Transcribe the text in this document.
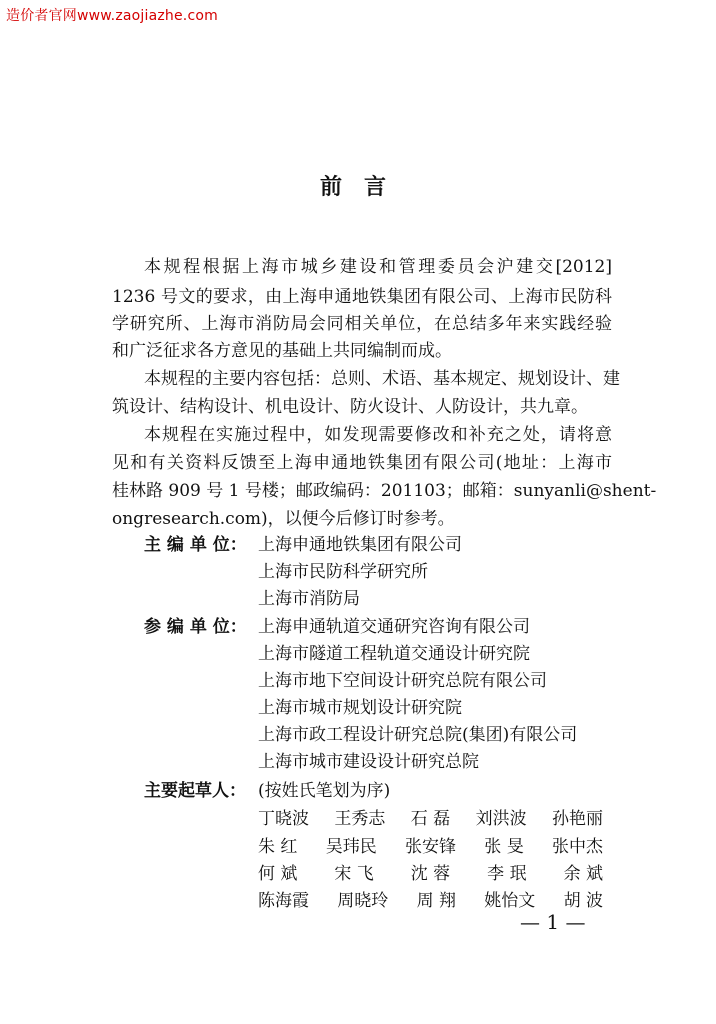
造价者官网www.zaojiazhe.com
前言
本规程根据上海市城乡建设和管理委员会沪建交[2012]
1236 号文的要求，由上海申通地铁集团有限公司、上海市民防科
学研究所、上海市消防局会同相关单位，在总结多年来实践经验
和广泛征求各方意见的基础上共同编制而成。
本规程的主要内容包括：总则、术语、基本规定、规划设计、建
筑设计、结构设计、机电设计、防火设计、人防设计，共九章。
本规程在实施过程中，如发现需要修改和补充之处，请将意
见和有关资料反馈至上海申通地铁集团有限公司(地址：上海市
桂林路 909 号 1 号楼；邮政编码：201103；邮箱：sunyanli@shent-
ongresearch.com)，以便今后修订时参考。
主 编 单 位： 上海申通地铁集团有限公司
上海市民防科学研究所
上海市消防局
参 编 单 位： 上海申通轨道交通研究咨询有限公司
上海市隧道工程轨道交通设计研究院
上海市地下空间设计研究总院有限公司
上海市城市规划设计研究院
上海市政工程设计研究总院(集团)有限公司
上海市城市建设设计研究总院
主要起草人： (按姓氏笔划为序)
丁晓波 王秀志 石 磊 刘洪波 孙艳丽
朱 红 吴玮民 张安锋 张 旻 张中杰
何 斌 宋 飞 沈 蓉 李 珉 余 斌
陈海霞 周晓玲 周 翔 姚怡文 胡 波
— 1 —
